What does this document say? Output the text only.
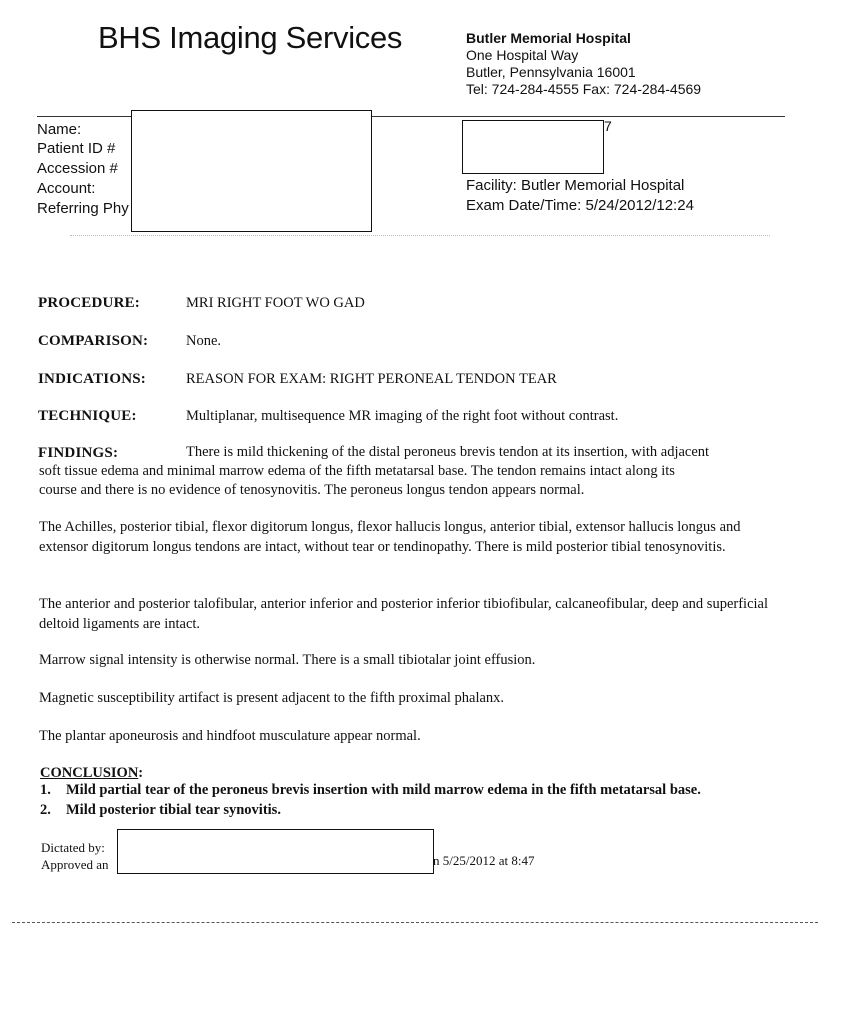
BHS Imaging Services	Butler Memorial Hospital
One Hospital Way
Butler, Pennsylvania 16001
Tel: 724-284-4555 Fax: 724-284-4569
Name:
Patient ID #
Accession #
Account:
Referring Phy
7
Facility: Butler Memorial Hospital
Exam Date/Time: 5/24/2012/12:24
PROCEDURE:	MRI RIGHT FOOT WO GAD
COMPARISON:	None.
INDICATIONS:	REASON FOR EXAM: RIGHT PERONEAL TENDON TEAR
TECHNIQUE:	Multiplanar, multisequence MR imaging of the right foot without contrast.
FINDINGS:	There is mild thickening of the distal peroneus brevis tendon at its insertion, with adjacent
soft tissue edema and minimal marrow edema of the fifth metatarsal base. The tendon remains intact along its
course and there is no evidence of tenosynovitis. The peroneus longus tendon appears normal.

The Achilles, posterior tibial, flexor digitorum longus, flexor hallucis longus, anterior tibial, extensor hallucis longus and extensor digitorum longus tendons are intact, without tear or tendinopathy. There is mild posterior tibial tenosynovitis.

The anterior and posterior talofibular, anterior inferior and posterior inferior tibiofibular, calcaneofibular, deep and superficial deltoid ligaments are intact.

Marrow signal intensity is otherwise normal. There is a small tibiotalar joint effusion.

Magnetic susceptibility artifact is present adjacent to the fifth proximal phalanx.

The plantar aponeurosis and hindfoot musculature appear normal.

CONCLUSION:
1. Mild partial tear of the peroneus brevis insertion with mild marrow edema in the fifth metatarsal base.
2. Mild posterior tibial tear synovitis.
Dictated by:
Approved an	n 5/25/2012 at 8:47
